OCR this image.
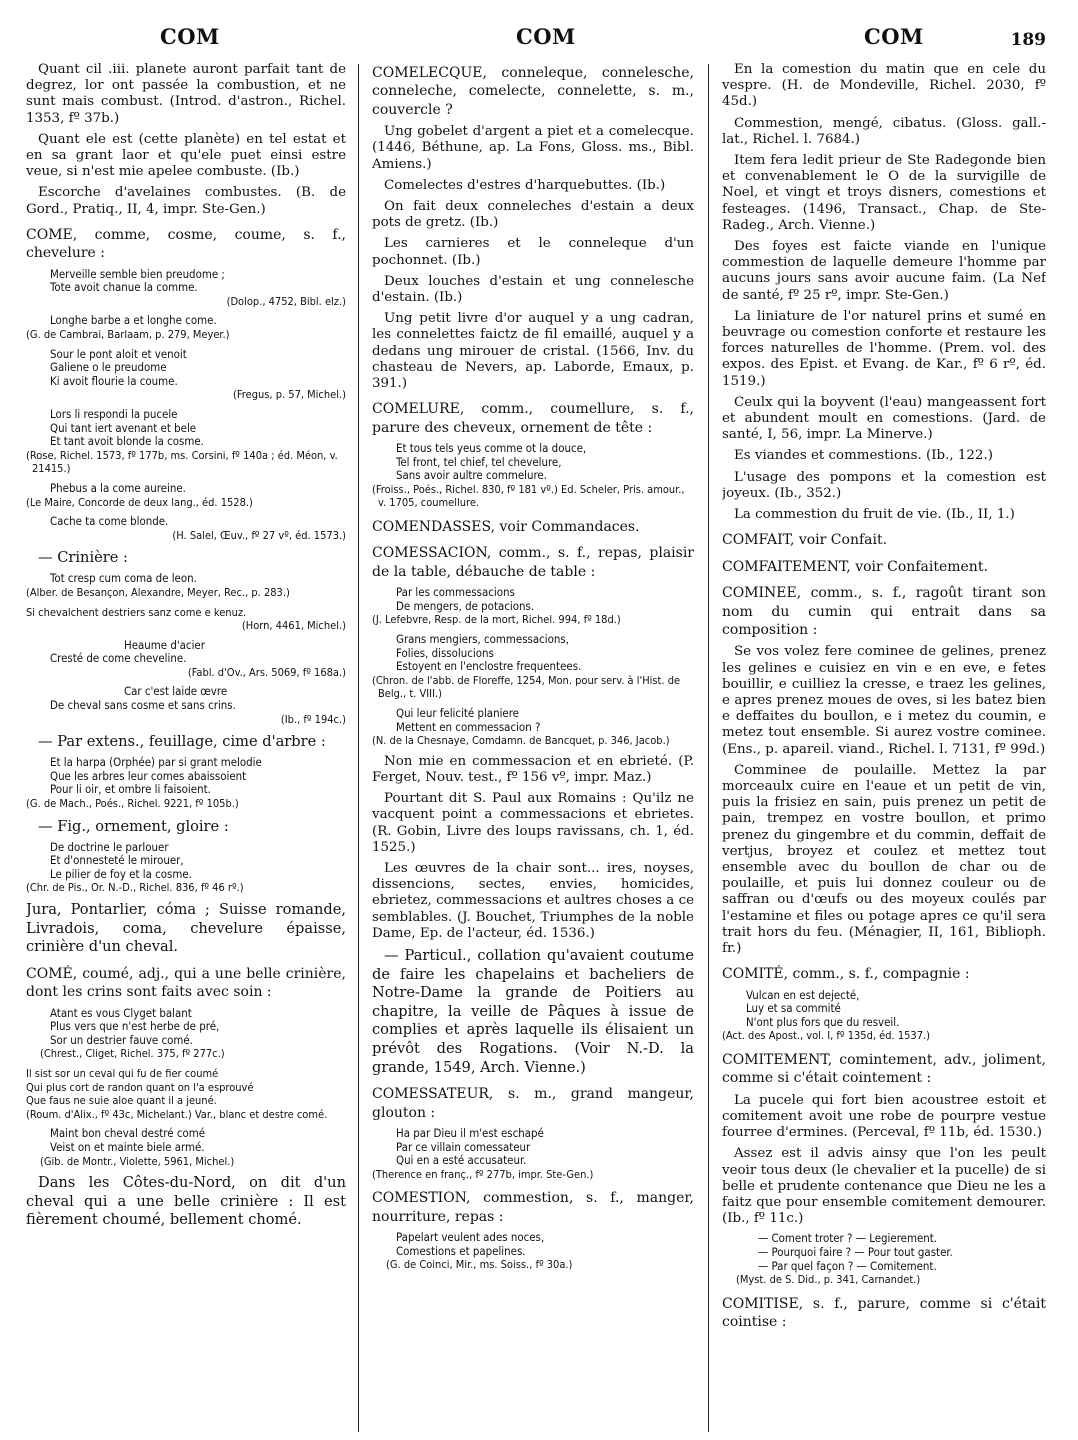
COM	COM	COM	189

Quant cil .iii. planete auront parfait tant de degrez, lor ont passée la combustion, et ne sunt mais combust. (Introd. d'astron., Richel. 1353, fº 37b.)

Quant ele est (cette planète) en tel estat et en sa grant laor et qu'ele puet einsi estre veue, si n'est mie apelee combuste. (Ib.)

Escorche d'avelaines combustes. (B. de Gord., Pratiq., II, 4, impr. Ste-Gen.)

COME, comme, cosme, coume, s. f., chevelure :

Merveille semble bien preudome ;
Tote avoit chanue la comme.
(Dolop., 4752, Bibl. elz.)
Longhe barbe a et longhe come.
(G. de Cambrai, Barlaam, p. 279, Meyer.)
Sour le pont aloit et venoit
Galiene o le preudome
Ki avoit flourie la coume.
(Fregus, p. 57, Michel.)
Lors li respondi la pucele
Qui tant iert avenant et bele
Et tant avoit blonde la cosme.
(Rose, Richel. 1573, fº 177b, ms. Corsini, fº 140a ; éd. Méon, v. 21415.)
Phebus a la come aureine.
(Le Maire, Concorde de deux lang., éd. 1528.)
Cache ta come blonde.
(H. Salel, Œuv., fº 27 vº, éd. 1573.)

— Crinière :

Tot cresp cum coma de leon.
(Alber. de Besançon, Alexandre, Meyer, Rec., p. 283.)
Si chevalchent destriers sanz come e kenuz.
(Horn, 4461, Michel.)
Heaume d'acier
Cresté de come cheveline.
(Fabl. d'Ov., Ars. 5069, fº 168a.)
Car c'est laide œvre
De cheval sans cosme et sans crins.
(Ib., fº 194c.)

— Par extens., feuillage, cime d'arbre :

Et la harpa (Orphée) par si grant melodie
Que les arbres leur comes abaissoient
Pour li oir, et ombre li faisoient.
(G. de Mach., Poés., Richel. 9221, fº 105b.)

— Fig., ornement, gloire :

De doctrine le parlouer
Et d'onnesteté le mirouer,
Le pilier de foy et la cosme.
(Chr. de Pis., Or. N.-D., Richel. 836, fº 46 rº.)

Jura, Pontarlier, cóma ; Suisse romande, Livradois, coma, chevelure épaisse, crinière d'un cheval.

COMÉ, coumé, adj., qui a une belle crinière, dont les crins sont faits avec soin :

Atant es vous Clyget balant
Plus vers que n'est herbe de pré,
Sor un destrier fauve comé.
(Chrest., Cliget, Richel. 375, fº 277c.)
Il sist sor un ceval qui fu de fier coumé
Qui plus cort de randon quant on l'a esprouvé
Que faus ne suie aloe quant il a jeuné.
(Roum. d'Alix., fº 43c, Michelant.) Var., blanc et destre comé.
Maint bon cheval destré comé
Veist on et mainte biele armé.
(Gib. de Montr., Violette, 5961, Michel.)

Dans les Côtes-du-Nord, on dit d'un cheval qui a une belle crinière : Il est fièrement choumé, bellement chomé.

COMELECQUE, conneleque, connelesche, conneleche, comelecte, connelette, s. m., couvercle ?

Ung gobelet d'argent a piet et a comelecque. (1446, Béthune, ap. La Fons, Gloss. ms., Bibl. Amiens.)

Comelectes d'estres d'harquebuttes. (Ib.)

On fait deux conneleches d'estain a deux pots de gretz. (Ib.)

Les carnieres et le conneleque d'un pochonnet. (Ib.)

Deux louches d'estain et ung connelesche d'estain. (Ib.)

Ung petit livre d'or auquel y a ung cadran, les connelettes faictz de fil emaillé, auquel y a dedans ung mirouer de cristal. (1566, Inv. du chasteau de Nevers, ap. Laborde, Emaux, p. 391.)

COMELURE, comm., coumellure, s. f., parure des cheveux, ornement de tête :

Et tous tels yeus comme ot la douce,
Tel front, tel chief, tel chevelure,
Sans avoir aultre commelure.
(Froiss., Poés., Richel. 830, fº 181 vº.) Ed. Scheler, Pris. amour., v. 1705, coumellure.

COMENDASSES, voir Commandaces.

COMESSACION, comm., s. f., repas, plaisir de la table, débauche de table :

Par les commessacions
De mengers, de potacions.
(J. Lefebvre, Resp. de la mort, Richel. 994, fº 18d.)
Grans mengiers, commessacions,
Folies, dissolucions
Estoyent en l'enclostre frequentees.
(Chron. de l'abb. de Floreffe, 1254, Mon. pour serv. à l'Hist. de Belg., t. VIII.)
Qui leur felicité planiere
Mettent en commessacion ?
(N. de la Chesnaye, Comdamn. de Bancquet, p. 346, Jacob.)

Non mie en commessacion et en ebrieté. (P. Ferget, Nouv. test., fº 156 vº, impr. Maz.)

Pourtant dit S. Paul aux Romains : Qu'ilz ne vacquent point a commessacions et ebrietes. (R. Gobin, Livre des loups ravissans, ch. 1, éd. 1525.)

Les œuvres de la chair sont... ires, noyses, dissencions, sectes, envies, homicides, ebrietez, commessacions et aultres choses a ce semblables. (J. Bouchet, Triumphes de la noble Dame, Ep. de l'acteur, éd. 1536.)

— Particul., collation qu'avaient coutume de faire les chapelains et bacheliers de Notre-Dame la grande de Poitiers au chapitre, la veille de Pâques à issue de complies et après laquelle ils élisaient un prévôt des Rogations. (Voir N.-D. la grande, 1549, Arch. Vienne.)

COMESSATEUR, s. m., grand mangeur, glouton :

Ha par Dieu il m'est eschapé
Par ce villain comessateur
Qui en a esté accusateur.
(Therence en franç., fº 277b, impr. Ste-Gen.)

COMESTION, commestion, s. f., manger, nourriture, repas :

Papelart veulent ades noces,
Comestions et papelines.
(G. de Coinci, Mir., ms. Soiss., fº 30a.)

En la comestion du matin que en cele du vespre. (H. de Mondeville, Richel. 2030, fº 45d.)

Commestion, mengé, cibatus. (Gloss. gall.-lat., Richel. l. 7684.)

Item fera ledit prieur de Ste Radegonde bien et convenablement le O de la survigille de Noel, et vingt et troys disners, comestions et festeages. (1496, Transact., Chap. de Ste-Radeg., Arch. Vienne.)

Des foyes est faicte viande en l'unique commestion de laquelle demeure l'homme par aucuns jours sans avoir aucune faim. (La Nef de santé, fº 25 rº, impr. Ste-Gen.)

La liniature de l'or naturel prins et sumé en beuvrage ou comestion conforte et restaure les forces naturelles de l'homme. (Prem. vol. des expos. des Epist. et Evang. de Kar., fº 6 rº, éd. 1519.)

Ceulx qui la boyvent (l'eau) mangeassent fort et abundent moult en comestions. (Jard. de santé, I, 56, impr. La Minerve.)

Es viandes et commestions. (Ib., 122.)

L'usage des pompons et la comestion est joyeux. (Ib., 352.)

La commestion du fruit de vie. (Ib., II, 1.)

COMFAIT, voir Confait.

COMFAITEMENT, voir Confaitement.

COMINEE, comm., s. f., ragoût tirant son nom du cumin qui entrait dans sa composition :

Se vos volez fere cominee de gelines, prenez les gelines e cuisiez en vin e en eve, e fetes bouillir, e cuilliez la cresse, e traez les gelines, e apres prenez moues de oves, si les batez bien e deffaites du boullon, e i metez du coumin, e metez tout ensemble. Si aurez vostre cominee. (Ens., p. apareil. viand., Richel. l. 7131, fº 99d.)

Comminee de poulaille. Mettez la par morceaulx cuire en l'eaue et un petit de vin, puis la frisiez en sain, puis prenez un petit de pain, trempez en vostre boullon, et primo prenez du gingembre et du commin, deffait de vertjus, broyez et coulez et mettez tout ensemble avec du boullon de char ou de poulaille, et puis lui donnez couleur ou de saffran ou d'œufs ou des moyeux coulés par l'estamine et files ou potage apres ce qu'il sera trait hors du feu. (Ménagier, II, 161, Biblioph. fr.)

COMITÉ, comm., s. f., compagnie :

Vulcan en est dejecté,
Luy et sa commité
N'ont plus fors que du resveil.
(Act. des Apost., vol. I, fº 135d, éd. 1537.)

COMITEMENT, comintement, adv., joliment, comme si c'était cointement :

La pucele qui fort bien acoustree estoit et comitement avoit une robe de pourpre vestue fourree d'ermines. (Perceval, fº 11b, éd. 1530.)

Assez est il advis ainsy que l'on les peult veoir tous deux (le chevalier et la pucelle) de si belle et prudente contenance que Dieu ne les a faitz que pour ensemble comitement demourer. (Ib., fº 11c.)

— Coment troter ? — Legierement.
— Pourquoi faire ? — Pour tout gaster.
— Par quel façon ? — Comitement.
(Myst. de S. Did., p. 341, Carnandet.)

COMITISE, s. f., parure, comme si c'était cointise :
